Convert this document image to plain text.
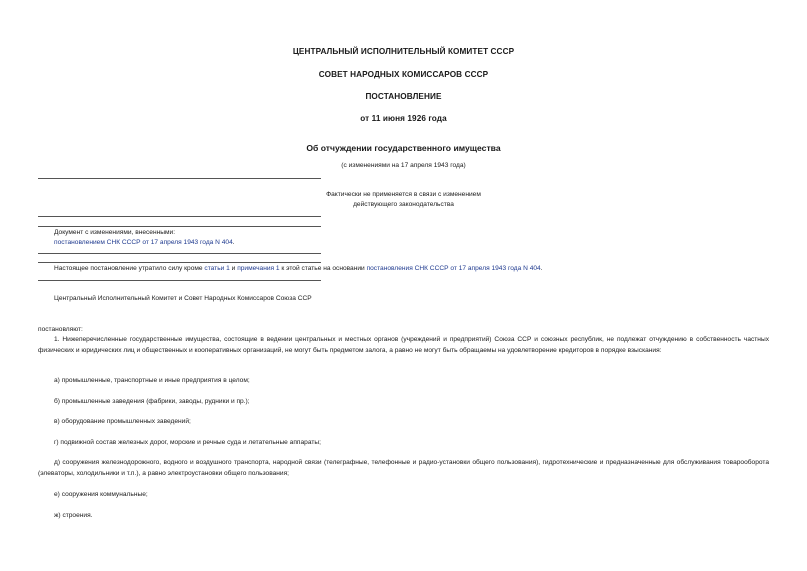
ЦЕНТРАЛЬНЫЙ ИСПОЛНИТЕЛЬНЫЙ КОМИТЕТ СССР
СОВЕТ НАРОДНЫХ КОМИССАРОВ СССР
ПОСТАНОВЛЕНИЕ
от 11 июня 1926 года
Об отчуждении государственного имущества
(с изменениями на 17 апреля 1943 года)
Фактически не применяется в связи с изменением
действующего законодательства
Документ с изменениями, внесенными:
постановлением СНК СССР от 17 апреля 1943 года N 404.
Настоящее постановление утратило силу кроме статьи 1 и примечания 1 к этой статье на основании постановления СНК СССР от 17 апреля 1943 года N 404.
Центральный Исполнительный Комитет и Совет Народных Комиссаров Союза ССР
постановляют:
1. Нижеперечисленные государственные имущества, состоящие в ведении центральных и местных органов (учреждений и предприятий) Союза ССР и союзных республик, не подлежат отчуждению в собственность частных физических и юридических лиц и общественных и кооперативных организаций, не могут быть предметом залога, а равно не могут быть обращаемы на удовлетворение кредиторов в порядке взыскания:
а) промышленные, транспортные и иные предприятия в целом;
б) промышленные заведения (фабрики, заводы, рудники и пр.);
в) оборудование промышленных заведений;
г) подвижной состав железных дорог, морские и речные суда и летательные аппараты;
д) сооружения железнодорожного, водного и воздушного транспорта, народной связи (телеграфные, телефонные и радио-установки общего пользования), гидротехнические и предназначенные для обслуживания товарооборота (элеваторы, холодильники и т.п.), а равно электроустановки общего пользования;
е) сооружения коммунальные;
ж) строения.
